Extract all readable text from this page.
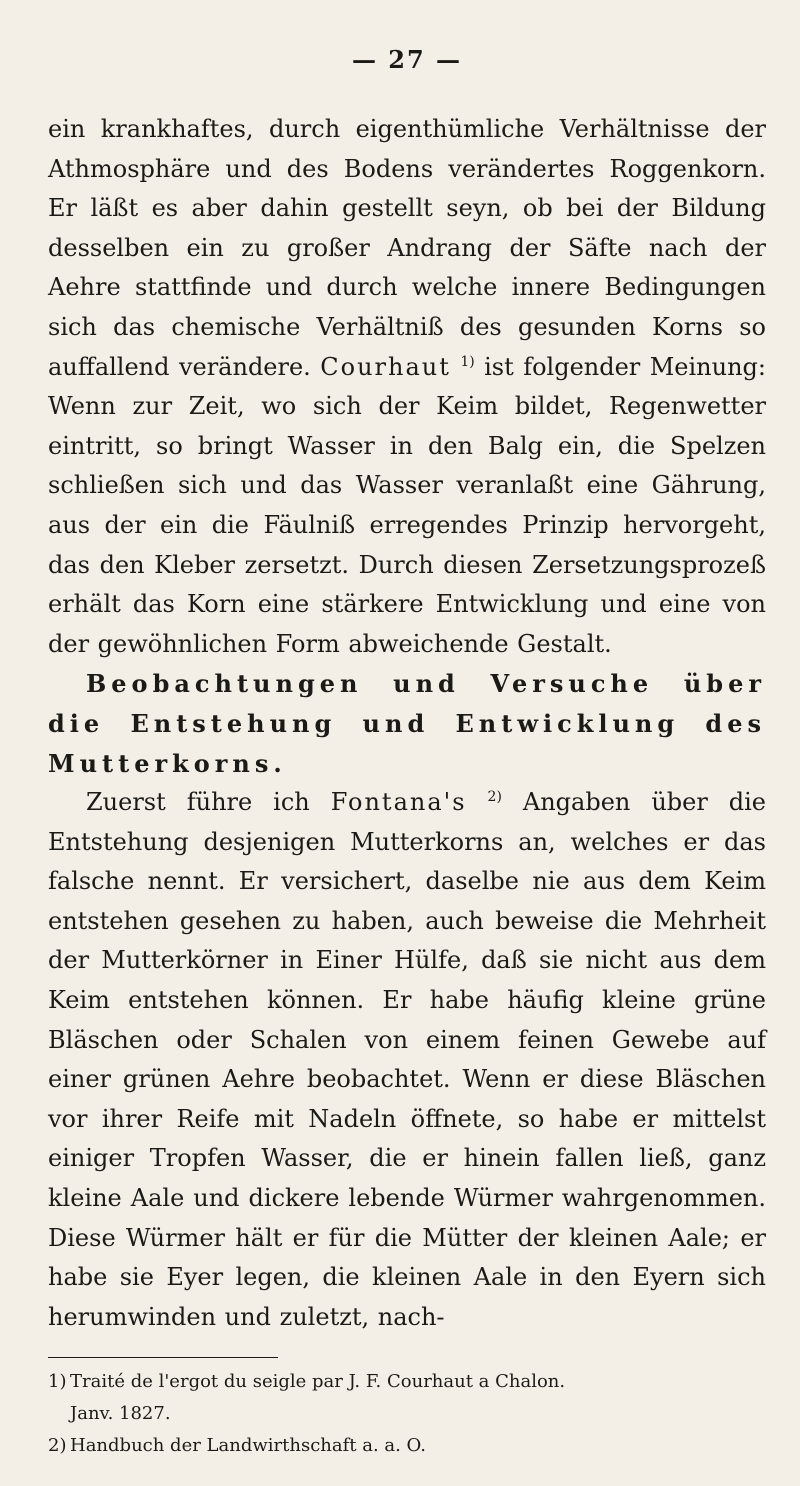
— 27 —

ein krankhaftes, durch eigenthümliche Verhältnisse der Athmosphäre und des Bodens verändertes Roggenkorn. Er läßt es aber dahin gestellt seyn, ob bei der Bildung desselben ein zu großer Andrang der Säfte nach der Aehre stattfinde und durch welche innere Bedingungen sich das chemische Verhältniß des gesunden Korns so auffallend verändere. Courhaut $^{1)}$ ist folgender Meinung: Wenn zur Zeit, wo sich der Keim bildet, Regenwetter eintritt, so bringt Wasser in den Balg ein, die Spelzen schließen sich und das Wasser veranlaßt eine Gährung, aus der ein die Fäulniß erregendes Prinzip hervorgeht, das den Kleber zersetzt. Durch diesen Zersetzungsprozeß erhält das Korn eine stärkere Entwicklung und eine von der gewöhnlichen Form abweichende Gestalt.

Beobachtungen und Versuche über die Entstehung und Entwicklung des Mutterkorns.

Zuerst führe ich Fontana's $^{2)}$ Angaben über die Entstehung desjenigen Mutterkorns an, welches er das falsche nennt. Er versichert, daselbe nie aus dem Keim entstehen gesehen zu haben, auch beweise die Mehrheit der Mutterkörner in Einer Hülfe, daß sie nicht aus dem Keim entstehen können. Er habe häufig kleine grüne Bläschen oder Schalen von einem feinen Gewebe auf einer grünen Aehre beobachtet. Wenn er diese Bläschen vor ihrer Reife mit Nadeln öffnete, so habe er mittelst einiger Tropfen Wasser, die er hinein fallen ließ, ganz kleine Aale und dickere lebende Würmer wahrgenommen. Diese Würmer hält er für die Mütter der kleinen Aale; er habe sie Eyer legen, die kleinen Aale in den Eyern sich herumwinden und zuletzt, nach-

1) Traité de l'ergot du seigle par J. F. Courhaut a Chalon.

Janv. 1827.

2) Handbuch der Landwirthschaft a. a. O.
